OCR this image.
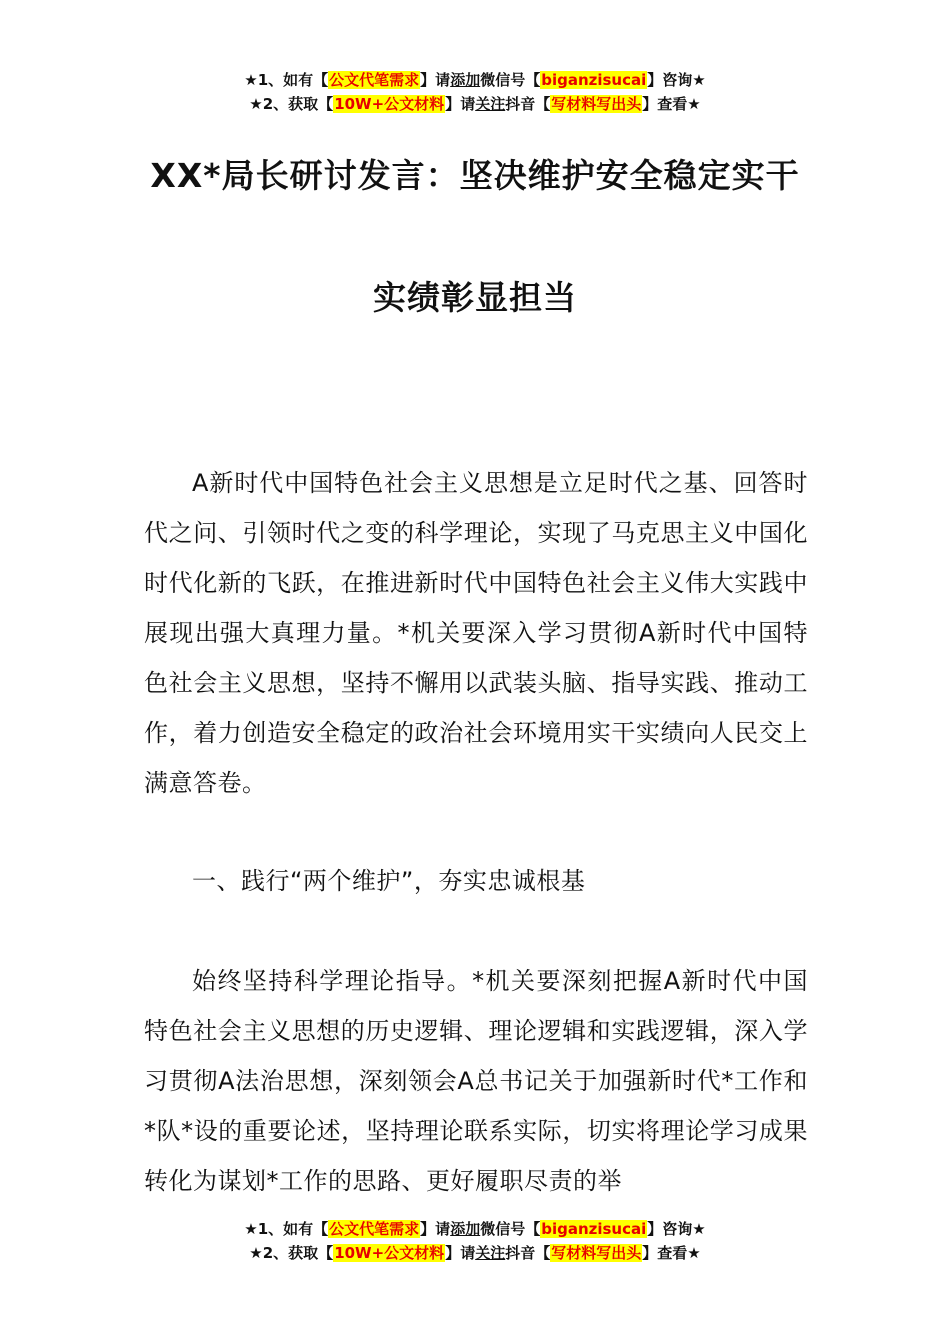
★1、如有【公文代笔需求】请添加微信号【biganzisucai】咨询★
★2、获取【10W+公文材料】请关注抖音【写材料写出头】查看★
XX*局长研讨发言：坚决维护安全稳定实干
实绩彰显担当

A新时代中国特色社会主义思想是立足时代之基、回答时代之问、引领时代之变的科学理论，实现了马克思主义中国化时代化新的飞跃，在推进新时代中国特色社会主义伟大实践中展现出强大真理力量。*机关要深入学习贯彻A新时代中国特色社会主义思想，坚持不懈用以武装头脑、指导实践、推动工作，着力创造安全稳定的政治社会环境用实干实绩向人民交上满意答卷。

一、践行“两个维护”，夯实忠诚根基

始终坚持科学理论指导。*机关要深刻把握A新时代中国特色社会主义思想的历史逻辑、理论逻辑和实践逻辑，深入学习贯彻A法治思想，深刻领会A总书记关于加强新时代*工作和*队*设的重要论述，坚持理论联系实际，切实将理论学习成果转化为谋划*工作的思路、更好履职尽责的举

★1、如有【公文代笔需求】请添加微信号【biganzisucai】咨询★
★2、获取【10W+公文材料】请关注抖音【写材料写出头】查看★
